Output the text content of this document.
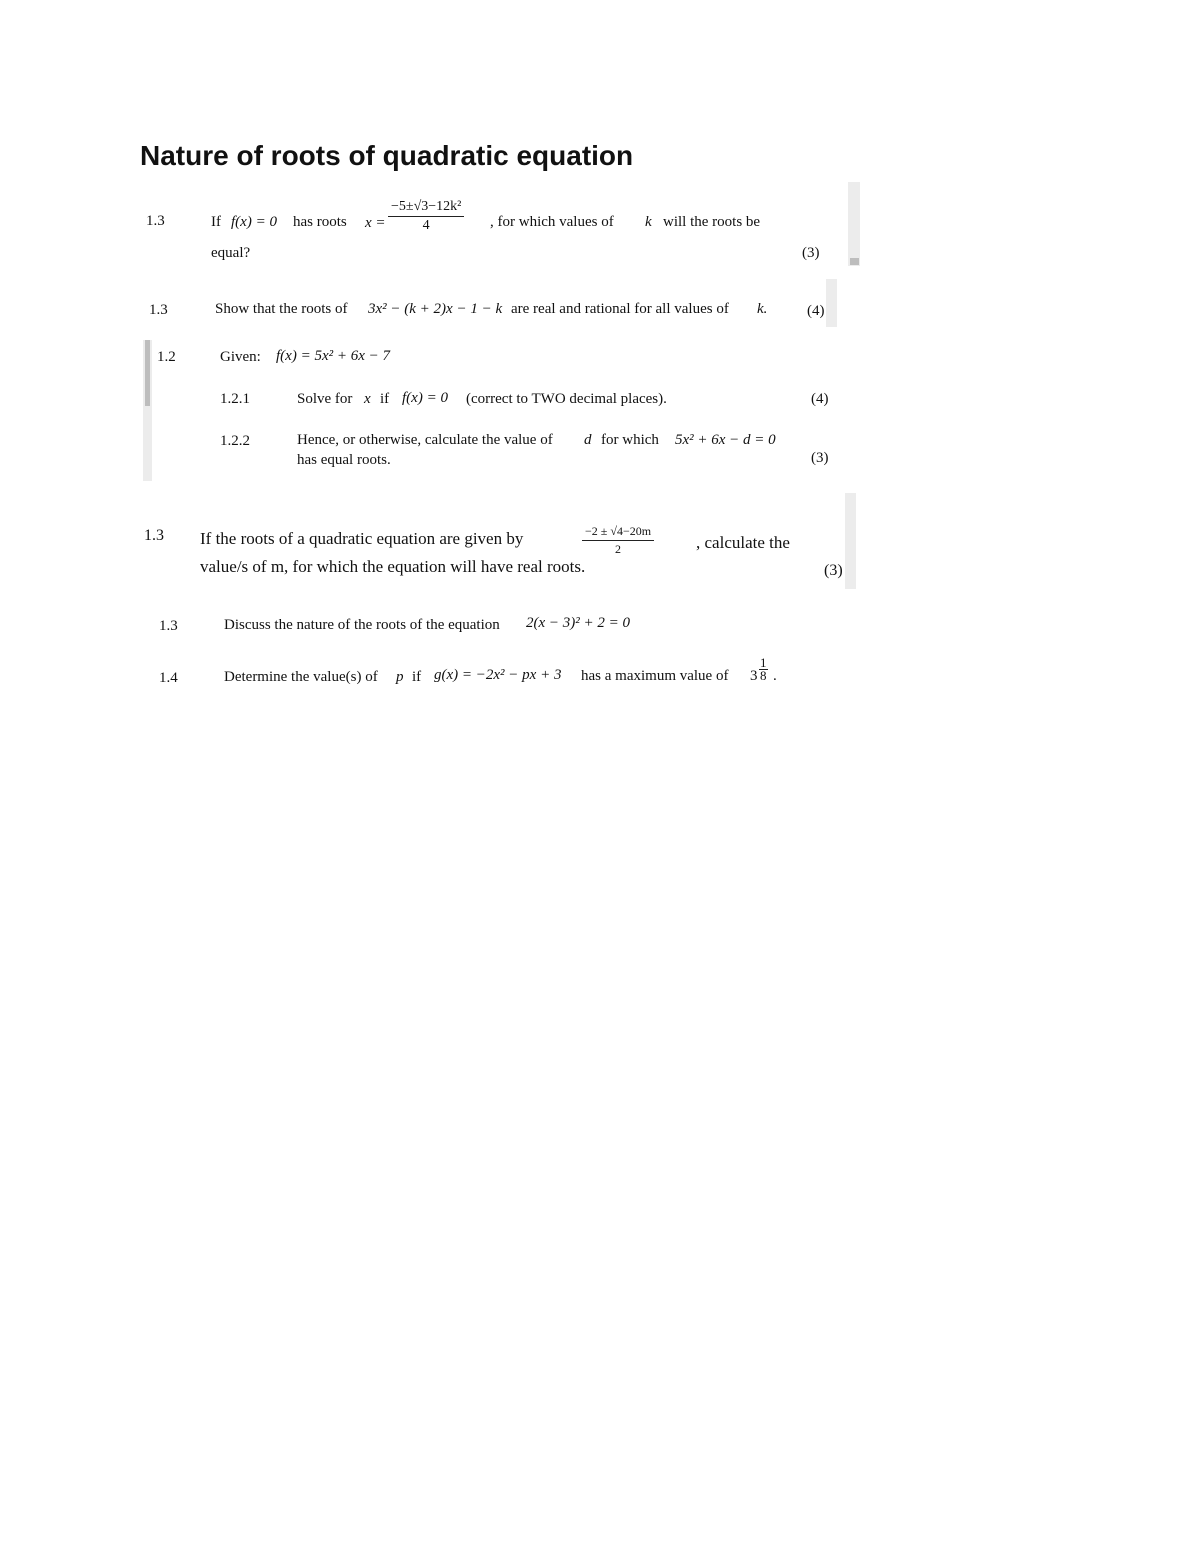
Nature of roots of quadratic equation
1.3	If f(x) = 0 has roots $x = \frac{\text{−5±√3−12k²}}{4}$ , for which values of k will the roots be
equal?	(3)
1.3	Show that the roots of 3x² − (k + 2)x − 1 − k are real and rational for all values of k.	(4)
1.2	Given: f(x) = 5x² + 6x − 7
1.2.1	Solve for x if f(x) = 0 (correct to TWO decimal places).	(4)
1.2.2	Hence, or otherwise, calculate the value of d for which 5x² + 6x − d = 0
has equal roots.	(3)
1.3 If the roots of a quadratic equation are given by	$\frac{-2 \pm √4-20m}{2}$ , calculate the
value/s of m, for which the equation will have real roots.	(3)
1.3	Discuss the nature of the roots of the equation 2(x − 3)² + 2 = 0
1.4	Determine the value(s) of p if g(x) = −2x² − px + 3 has a maximum value of $3 \frac{1}{8}$ .
